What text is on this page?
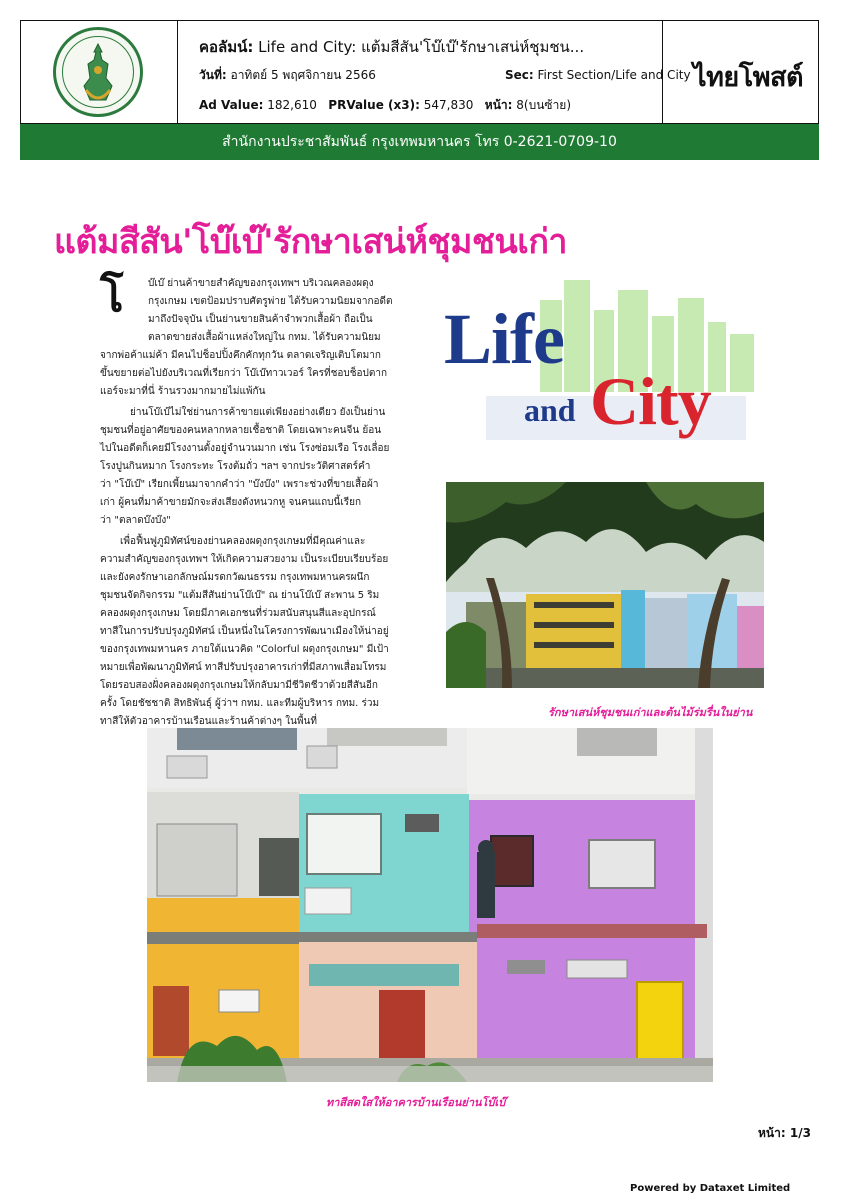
คอลัมน์: Life and City: แต้มสีสัน'โบ๊เบ๊'รักษาเสน่ห์ชุมชน...
วันที่: อาทิตย์ 5 พฤศจิกายน 2566	Sec: First Section/Life and City
Ad Value: 182,610 PRValue (x3): 547,830 หน้า: 8(บนซ้าย)
ไทยโพสต์
สำนักงานประชาสัมพันธ์ กรุงเทพมหานคร โทร 0-2621-0709-10
แต้มสีสัน'โบ๊เบ๊'รักษาเสน่ห์ชุมชนเก่า
โ บ๊เบ๊ ย่านค้าขายสำคัญของกรุงเทพฯ บริเวณคลองผดุง
กรุงเกษม เขตป้อมปราบศัตรูพ่าย ได้รับความนิยมจากอดีต
มาถึงปัจจุบัน เป็นย่านขายสินค้าจำพวกเสื้อผ้า ถือเป็น
ตลาดขายส่งเสื้อผ้าแหล่งใหญ่ใน กทม. ได้รับความนิยม
จากพ่อค้าแม่ค้า มีคนไปช็อปปิ้งคึกคักทุกวัน ตลาดเจริญเติบโตมาก
ขึ้นขยายต่อไปยังบริเวณที่เรียกว่า โบ๊เบ๊ทาวเวอร์ ใครที่ชอบช็อปตาก
แอร์จะมาที่นี่ ร้านรวงมากมายไม่แพ้กัน
ย่านโบ๊เบ๊ไม่ใช่ย่านการค้าขายแต่เพียงอย่างเดียว ยังเป็นย่าน
ชุมชนที่อยู่อาศัยของคนหลากหลายเชื้อชาติ โดยเฉพาะคนจีน ย้อน
ไปในอดีตก็เคยมีโรงงานตั้งอยู่จำนวนมาก เช่น โรงซ่อมเรือ โรงเลื่อย
โรงปูนกินหมาก โรงกระทะ โรงต้มถั่ว ฯลฯ จากประวัติศาสตร์คำ
ว่า "โบ๊เบ๊" เรียกเพี้ยนมาจากคำว่า "บ๊งบ๊ง" เพราะช่วงที่ขายเสื้อผ้า
เก่า ผู้คนที่มาค้าขายมักจะส่งเสียงดังหนวกหู จนคนแถบนี้เรียก
ว่า "ตลาดบ๊งบ๊ง"
เพื่อฟื้นฟูภูมิทัศน์ของย่านคลองผดุงกรุงเกษมที่มีคุณค่าและ
ความสำคัญของกรุงเทพฯ ให้เกิดความสวยงาม เป็นระเบียบเรียบร้อย
และยังคงรักษาเอกลักษณ์มรดกวัฒนธรรม กรุงเทพมหานครผนึก
ชุมชนจัดกิจกรรม "แต้มสีสันย่านโบ๊เบ๊" ณ ย่านโบ๊เบ๊ สะพาน 5 ริม
คลองผดุงกรุงเกษม โดยมีภาคเอกชนที่ร่วมสนับสนุนสีและอุปกรณ์
ทาสีในการปรับปรุงภูมิทัศน์ เป็นหนึ่งในโครงการพัฒนาเมืองให้น่าอยู่
ของกรุงเทพมหานคร ภายใต้แนวคิด "Colorful ผดุงกรุงเกษม" มีเป้า
หมายเพื่อพัฒนาภูมิทัศน์ ทาสีปรับปรุงอาคารเก่าที่มีสภาพเสื่อมโทรม
โดยรอบสองฝั่งคลองผดุงกรุงเกษมให้กลับมามีชีวิตชีวาด้วยสีสันอีก
ครั้ง โดยชัชชาติ สิทธิพันธุ์ ผู้ว่าฯ กทม. และทีมผู้บริหาร กทม. ร่วม
ทาสีให้ตัวอาคารบ้านเรือนและร้านค้าต่างๆ ในพื้นที่
Life
and City
รักษาเสน่ห์ชุมชนเก่าและต้นไม้ร่มรื่นในย่าน
ทาสีสดใสให้อาคารบ้านเรือนย่านโบ๊เบ๊
หน้า: 1/3
Powered by Dataxet Limited
